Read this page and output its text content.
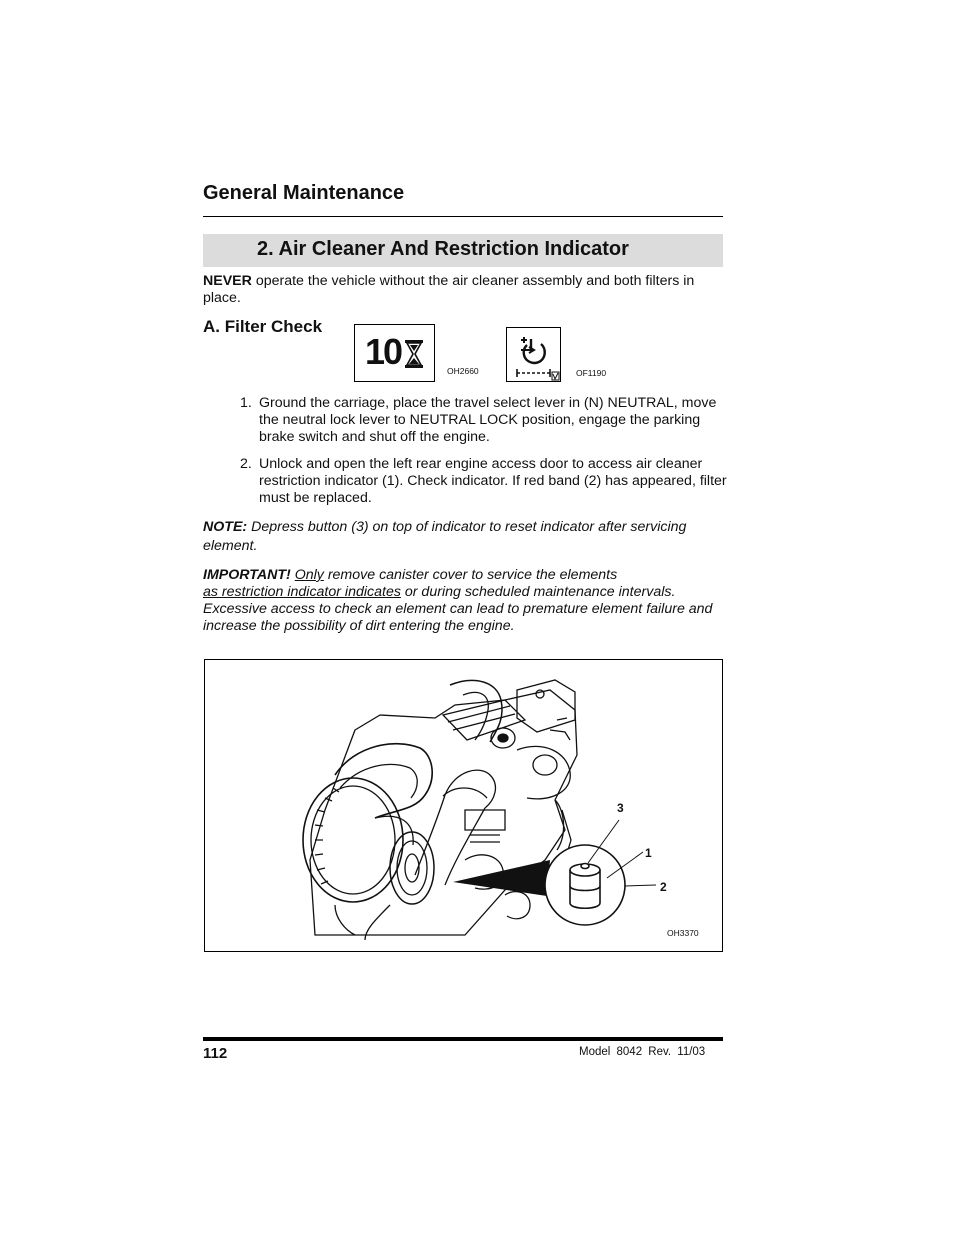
General Maintenance
2. Air Cleaner And Restriction Indicator
NEVER operate the vehicle without the air cleaner assembly and both filters in place.
A. Filter Check
10	OH2660	OF1190
1. Ground the carriage, place the travel select lever in (N) NEUTRAL, move the neutral lock lever to NEUTRAL LOCK position, engage the parking brake switch and shut off the engine.
2. Unlock and open the left rear engine access door to access air cleaner restriction indicator (1). Check indicator. If red band (2) has appeared, filter must be replaced.
NOTE: Depress button (3) on top of indicator to reset indicator after servicing element.
IMPORTANT! Only remove canister cover to service the elements
as restriction indicator indicates or during scheduled maintenance intervals. Excessive access to check an element can lead to premature element failure and increase the possibility of dirt entering the engine.
3
1
2
OH3370
112	Model 8042 Rev. 11/03
